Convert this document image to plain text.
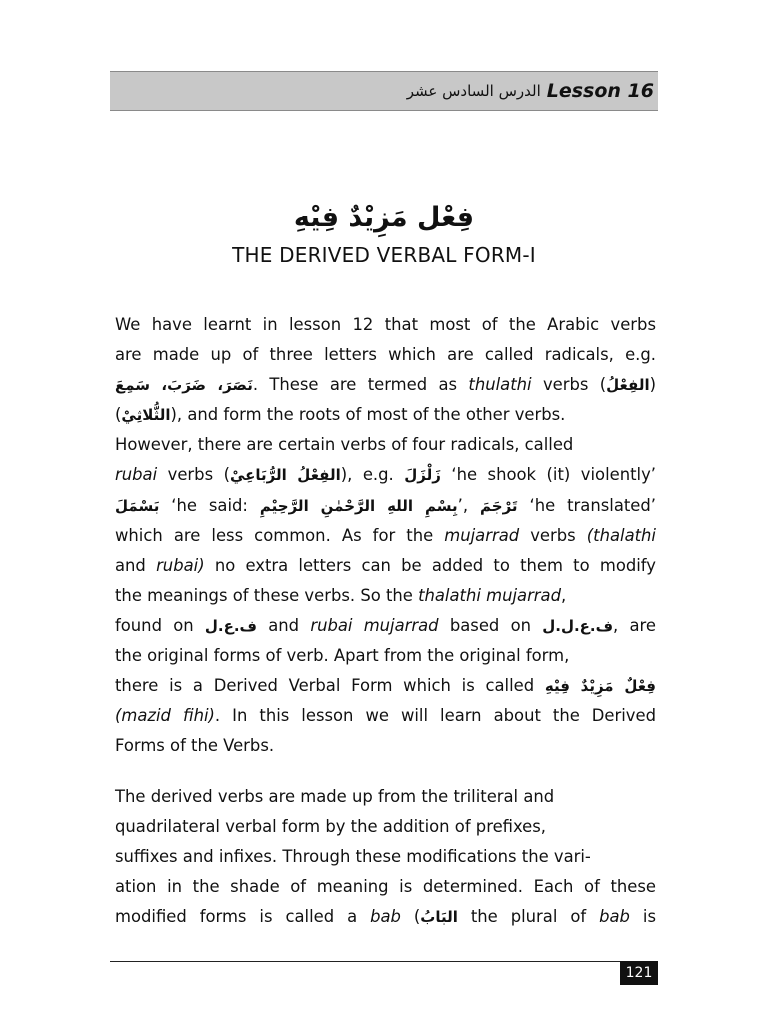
الدرس السادس عشر Lesson 16
فِعْل مَزِيْدٌ فِيْهِ
THE DERIVED VERBAL FORM-I
We have learnt in lesson 12 that most of the Arabic verbs
are made up of three letters which are called radicals, e.g.
نَصَرَ، ضَرَبَ، سَمِعَ. These are termed as thulathi verbs (الفِعْلُ)
(الثُّلاثِيْ), and form the roots of most of the other verbs.
However, there are certain verbs of four radicals, called
rubai verbs (الفِعْلُ الرُّبَاعِيْ), e.g. زَلْزَلَ ‘he shook (it) violently’
بَسْمَلَ ‘he said: بِسْمِ اللهِ الرَّحْمٰنِ الرَّحِيْمِ’, تَرْجَمَ ‘he translated’
which are less common. As for the mujarrad verbs (thalathi
and rubai) no extra letters can be added to them to modify
the meanings of these verbs. So the thalathi mujarrad,
found on ف.ع.ل and rubai mujarrad based on ف.ع.ل.ل, are
the original forms of verb. Apart from the original form,
there is a Derived Verbal Form which is called فِعْلٌ مَزِيْدٌ فِيْهِ
(mazid fihi). In this lesson we will learn about the Derived
Forms of the Verbs.
The derived verbs are made up from the triliteral and
quadrilateral verbal form by the addition of prefixes,
suffixes and infixes. Through these modifications the vari-
ation in the shade of meaning is determined. Each of these
modified forms is called a bab (البَابُ the plural of bab is
121
